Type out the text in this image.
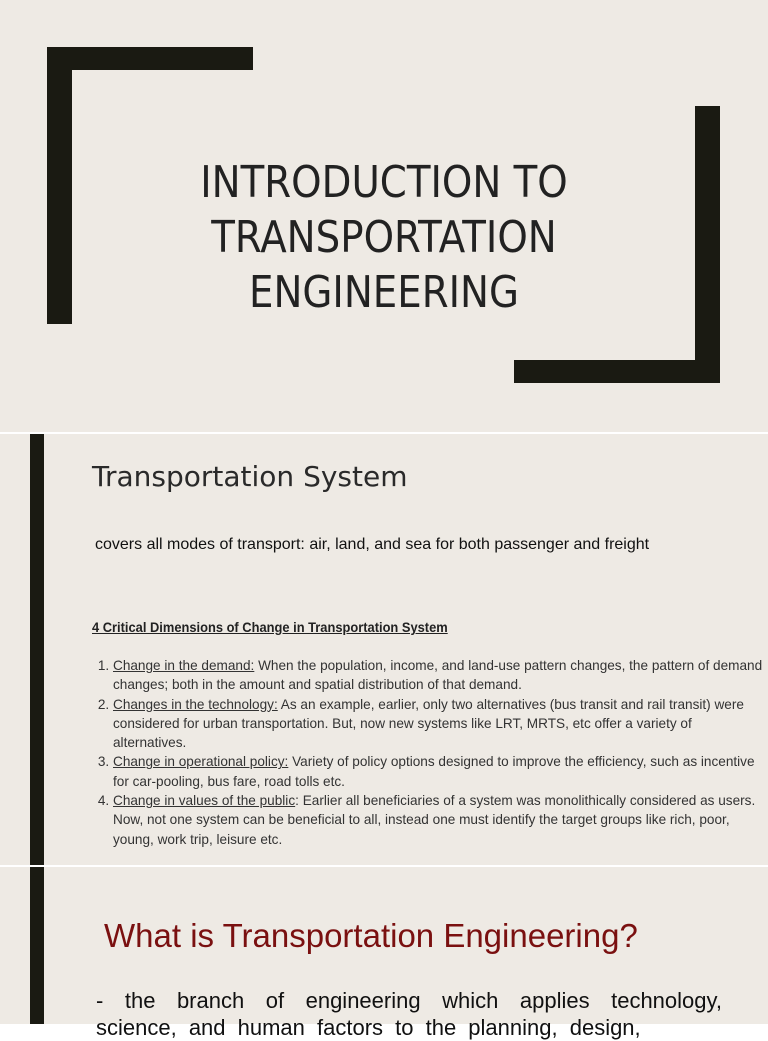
INTRODUCTION TO
TRANSPORTATION
ENGINEERING
Transportation System
covers all modes of transport: air, land, and sea for both passenger and freight
4 Critical Dimensions of Change in Transportation System
1. Change in the demand: When the population, income, and land-use pattern changes, the pattern of demand changes; both in the amount and spatial distribution of that demand.
2. Changes in the technology: As an example, earlier, only two alternatives (bus transit and rail transit) were considered for urban transportation. But, now new systems like LRT, MRTS, etc offer a variety of alternatives.
3. Change in operational policy: Variety of policy options designed to improve the efficiency, such as incentive for car-pooling, bus fare, road tolls etc.
4. Change in values of the public: Earlier all beneficiaries of a system was monolithically considered as users. Now, not one system can be beneficial to all, instead one must identify the target groups like rich, poor, young, work trip, leisure etc.
What is Transportation Engineering?
- the branch of engineering which applies technology, science, and human factors to the planning, design,
